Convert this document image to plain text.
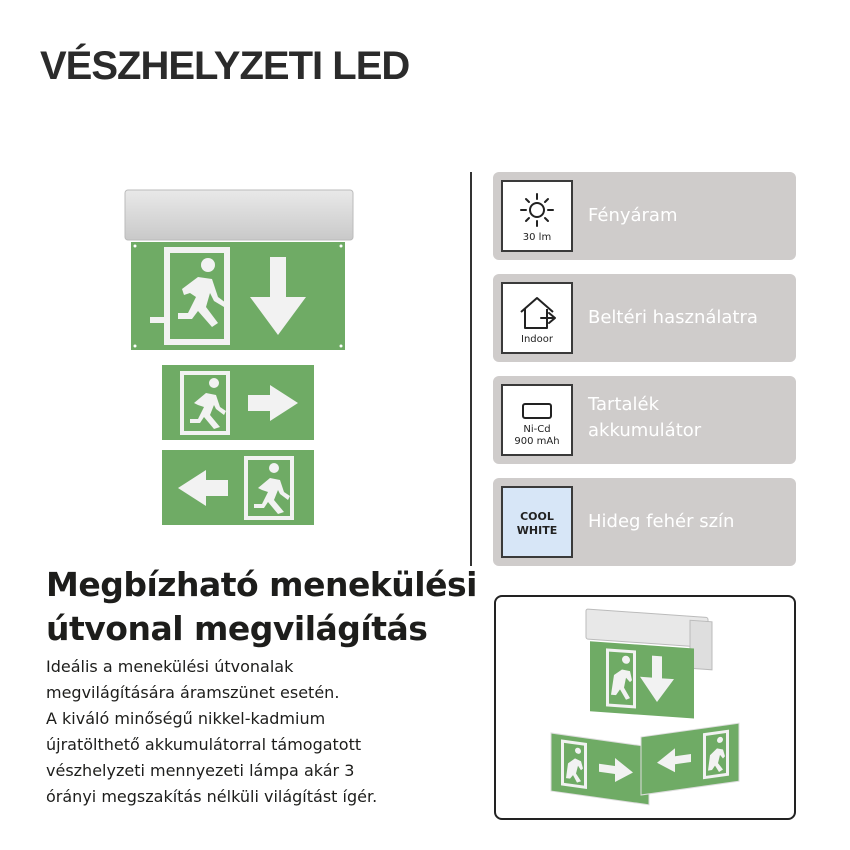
VÉSZHELYZETI LED
30 lm
Fényáram
Indoor
Beltéri használatra
Ni-Cd
900 mAh
Tartalék
akkumulátor
COOL
WHITE	Hideg fehér szín
Megbízható menekülési
útvonal megvilágítás
Ideális a menekülési útvonalak
megvilágítására áramszünet esetén.
A kiváló minőségű nikkel-kadmium
újratölthető akkumulátorral támogatott
vészhelyzeti mennyezeti lámpa akár 3
órányi megszakítás nélküli világítást ígér.
